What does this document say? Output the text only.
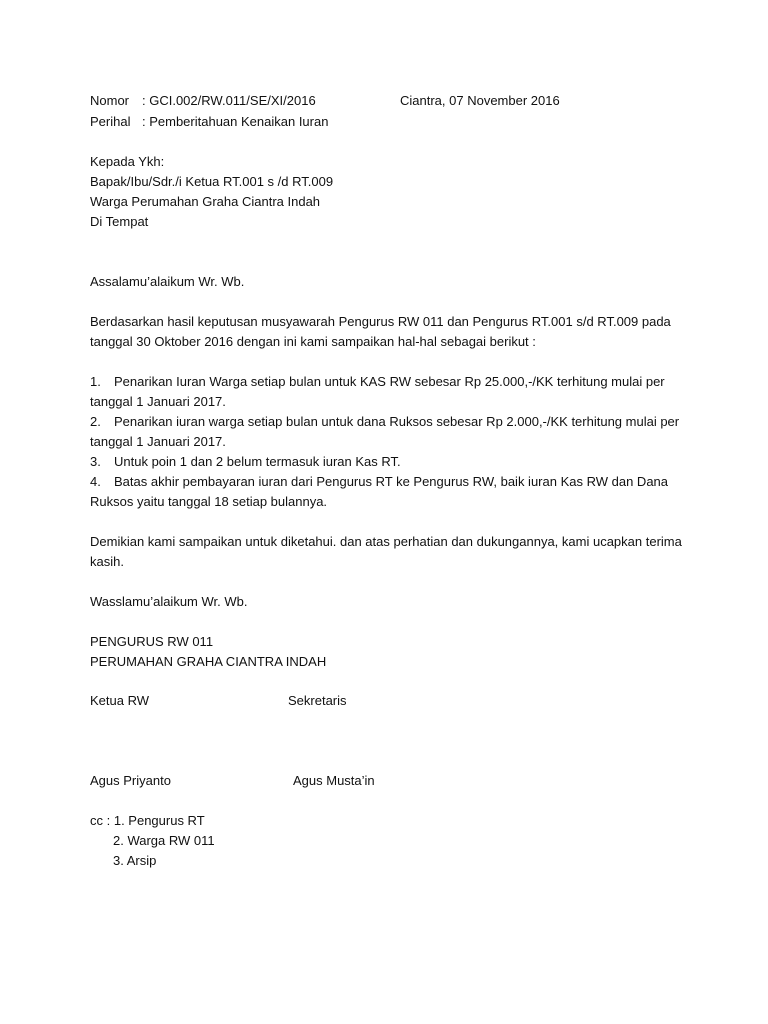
Nomor : GCI.002/RW.011/SE/XI/2016	Ciantra, 07 November 2016
Perihal : Pemberitahuan Kenaikan Iuran
Kepada Ykh:
Bapak/Ibu/Sdr./i Ketua RT.001 s /d RT.009
Warga Perumahan Graha Ciantra Indah
Di Tempat
Assalamu’alaikum Wr. Wb.
Berdasarkan hasil keputusan musyawarah Pengurus RW 011 dan Pengurus RT.001 s/d RT.009 pada
tanggal 30 Oktober 2016 dengan ini kami sampaikan hal-hal sebagai berikut :
1. Penarikan Iuran Warga setiap bulan untuk KAS RW sebesar Rp 25.000,-/KK terhitung mulai per
tanggal 1 Januari 2017.
2. Penarikan iuran warga setiap bulan untuk dana Ruksos sebesar Rp 2.000,-/KK terhitung mulai per
tanggal 1 Januari 2017.
3. Untuk poin 1 dan 2 belum termasuk iuran Kas RT.
4. Batas akhir pembayaran iuran dari Pengurus RT ke Pengurus RW, baik iuran Kas RW dan Dana
Ruksos yaitu tanggal 18 setiap bulannya.
Demikian kami sampaikan untuk diketahui. dan atas perhatian dan dukungannya, kami ucapkan terima
kasih.
Wasslamu’alaikum Wr. Wb.
PENGURUS RW 011
PERUMAHAN GRAHA CIANTRA INDAH
Ketua RW	Sekretaris
Agus Priyanto	Agus Musta’in
cc : 1. Pengurus RT
2. Warga RW 011
3. Arsip
